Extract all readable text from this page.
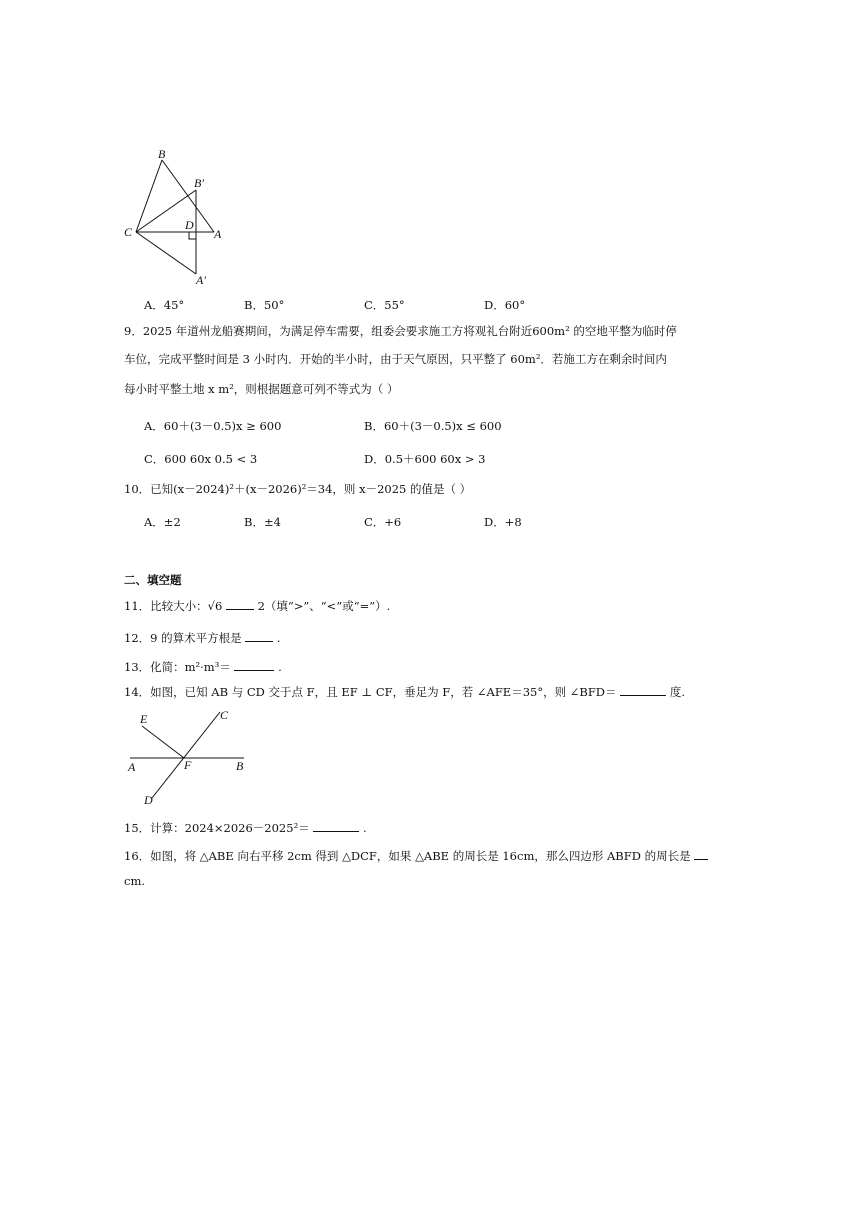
B
B′
D
C	A
A′
A．45°	B．50°	C．55°	D．60°
9．2025 年道州龙船赛期间，为满足停车需要，组委会要求施工方将观礼台附近600m² 的空地平整为临时停
车位，完成平整时间是 3 小时内．开始的半小时，由于天气原因，只平整了 60m²．若施工方在剩余时间内
每小时平整土地 x m²，则根据题意可列不等式为（ ）
A．60＋(3－0.5)x ≥ 600	B．60＋(3－0.5)x ≤ 600
C．600 60x 0.5 < 3	D．0.5＋600 60x > 3
10．已知(x－2024)²＋(x－2026)²＝34，则 x－2025 的值是（ ）
A．±2	B．±4	C．+6	D．+8
二、填空题
11．比较大小：√6	2（填“>”、“<”或“=”）.
12．9 的算术平方根是	.
13．化简：m²·m³＝	.
14．如图，已知 AB 与 CD 交于点 F，且 EF ⊥ CF，垂足为 F，若 ∠AFE＝35°，则 ∠BFD＝	度.
E	C
A	F	B
D
15．计算：2024×2026－2025²＝	.
16．如图，将 △ABE 向右平移 2cm 得到 △DCF，如果 △ABE 的周长是 16cm，那么四边形 ABFD 的周长是
cm.
